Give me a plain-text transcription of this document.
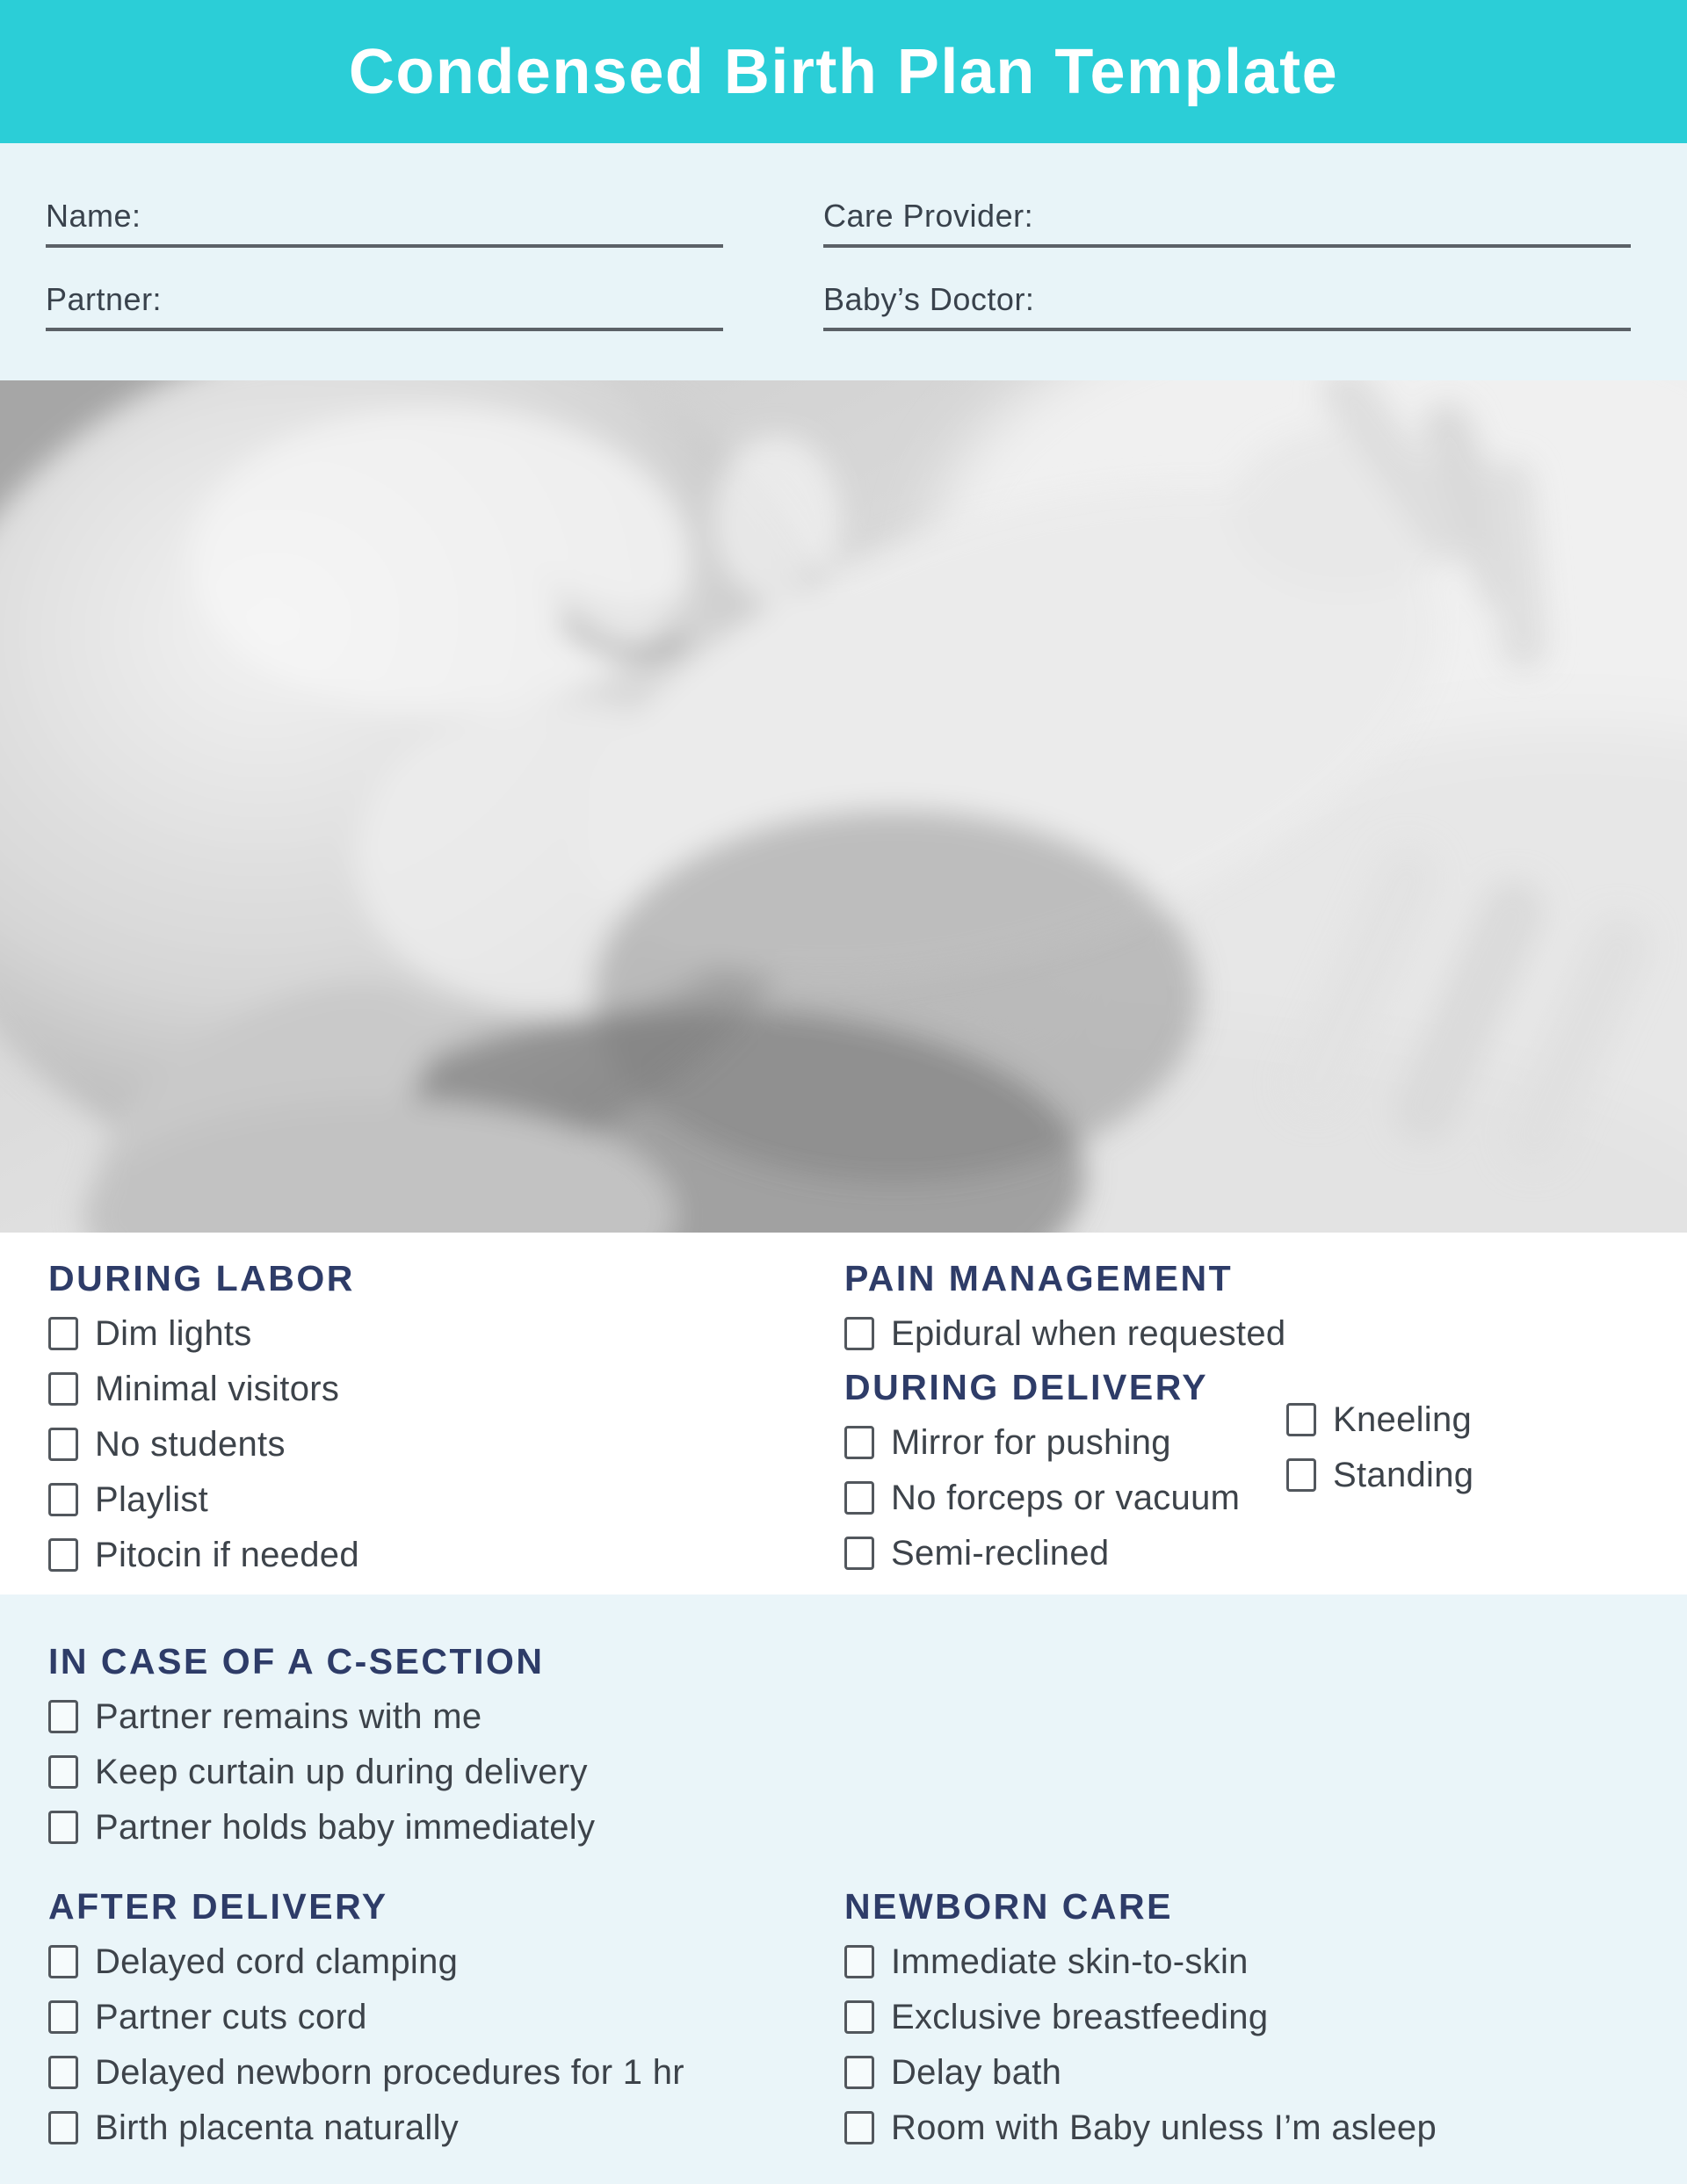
Condensed Birth Plan Template
Name:	Care Provider:
Partner:	Baby’s Doctor:
DURING LABOR
Dim lights
Minimal visitors
No students
Playlist
Pitocin if needed
PAIN MANAGEMENT
Epidural when requested
DURING DELIVERY
Mirror for pushing
No forceps or vacuum
Semi-reclined
Kneeling
Standing
IN CASE OF A C-SECTION
Partner remains with me
Keep curtain up during delivery
Partner holds baby immediately
AFTER DELIVERY
Delayed cord clamping
Partner cuts cord
Delayed newborn procedures for 1 hr
Birth placenta naturally
NEWBORN CARE
Immediate skin-to-skin
Exclusive breastfeeding
Delay bath
Room with Baby unless I’m asleep
